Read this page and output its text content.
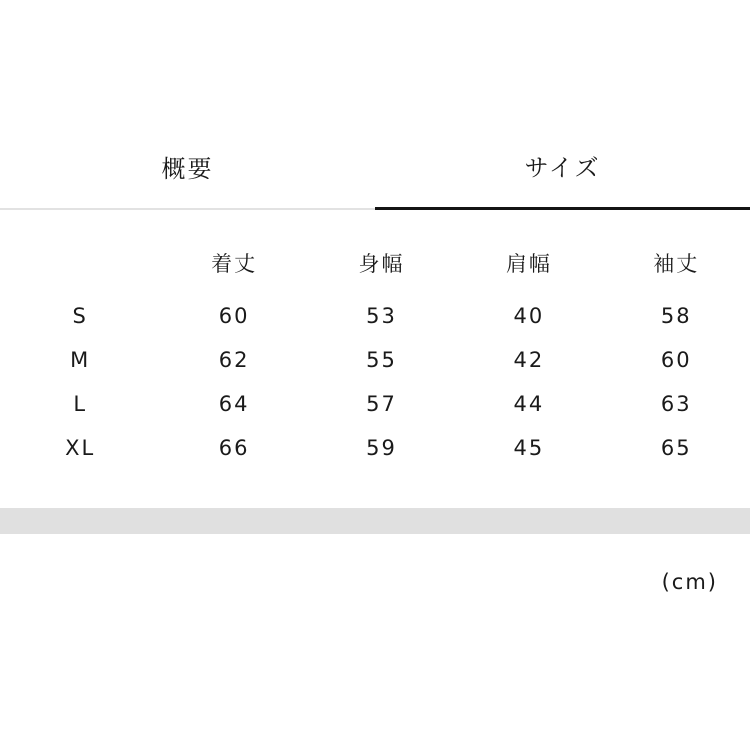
概要	サイズ
	着丈	身幅	肩幅	袖丈
S	60	53	40	58
M	62	55	42	60
L	64	57	44	63
XL	66	59	45	65
(cm)
